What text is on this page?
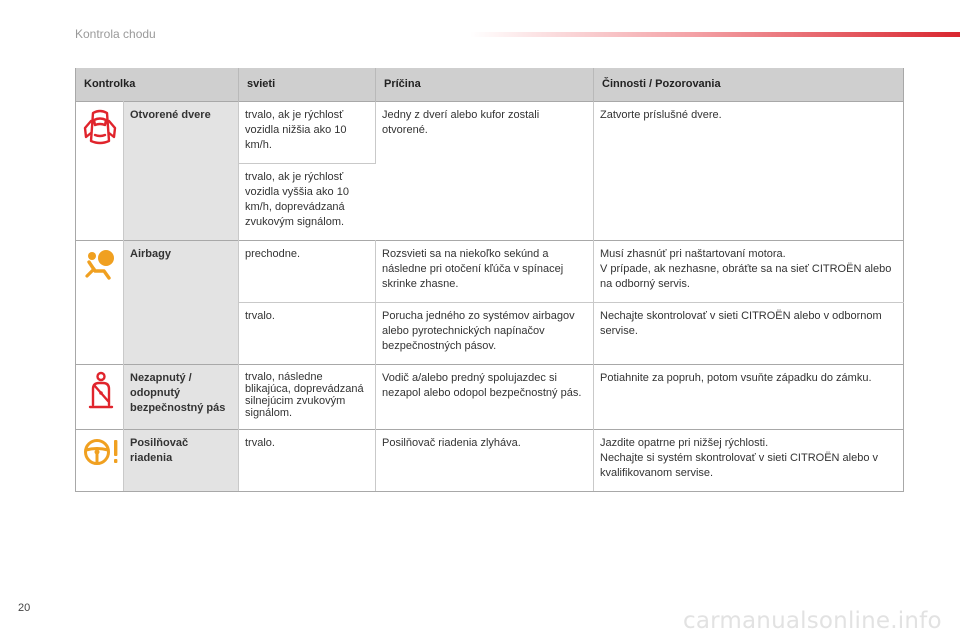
Kontrola chodu
Kontrolka		svieti	Príčina	Činnosti / Pozorovania

	Otvorené dvere	trvalo, ak je rýchlosť vozidla nižšia ako 10 km/h.	Jedny z dverí alebo kufor zostali otvorené.	Zatvorte príslušné dvere.
		trvalo, ak je rýchlosť vozidla vyššia ako 10 km/h, doprevádzaná zvukovým signálom.		

	Airbagy	prechodne.	Rozsvieti sa na niekoľko sekúnd a následne pri otočení kľúča v spínacej skrinke zhasne.	Musí zhasnúť pri naštartovaní motora.
V prípade, ak nezhasne, obráťte sa na sieť CITROËN alebo na odborný servis.

		trvalo.	Porucha jedného zo systémov airbagov alebo pyrotechnických napínačov bezpečnostných pásov.	Nechajte skontrolovať v sieti CITROËN alebo v odbornom servise.

	Nezapnutý / odopnutý bezpečnostný pás	trvalo, následne blikajúca, doprevádzaná silnejúcim zvukovým signálom.	Vodič a/alebo predný spolujazdec si nezapol alebo odopol bezpečnostný pás.	Potiahnite za popruh, potom vsuňte západku do zámku.

	Posilňovač riadenia	trvalo.	Posilňovač riadenia zlyháva.	Jazdite opatrne pri nižšej rýchlosti.
Nechajte si systém skontrolovať v sieti CITROËN alebo v kvalifikovanom servise.
20	carmanualsonline.info
